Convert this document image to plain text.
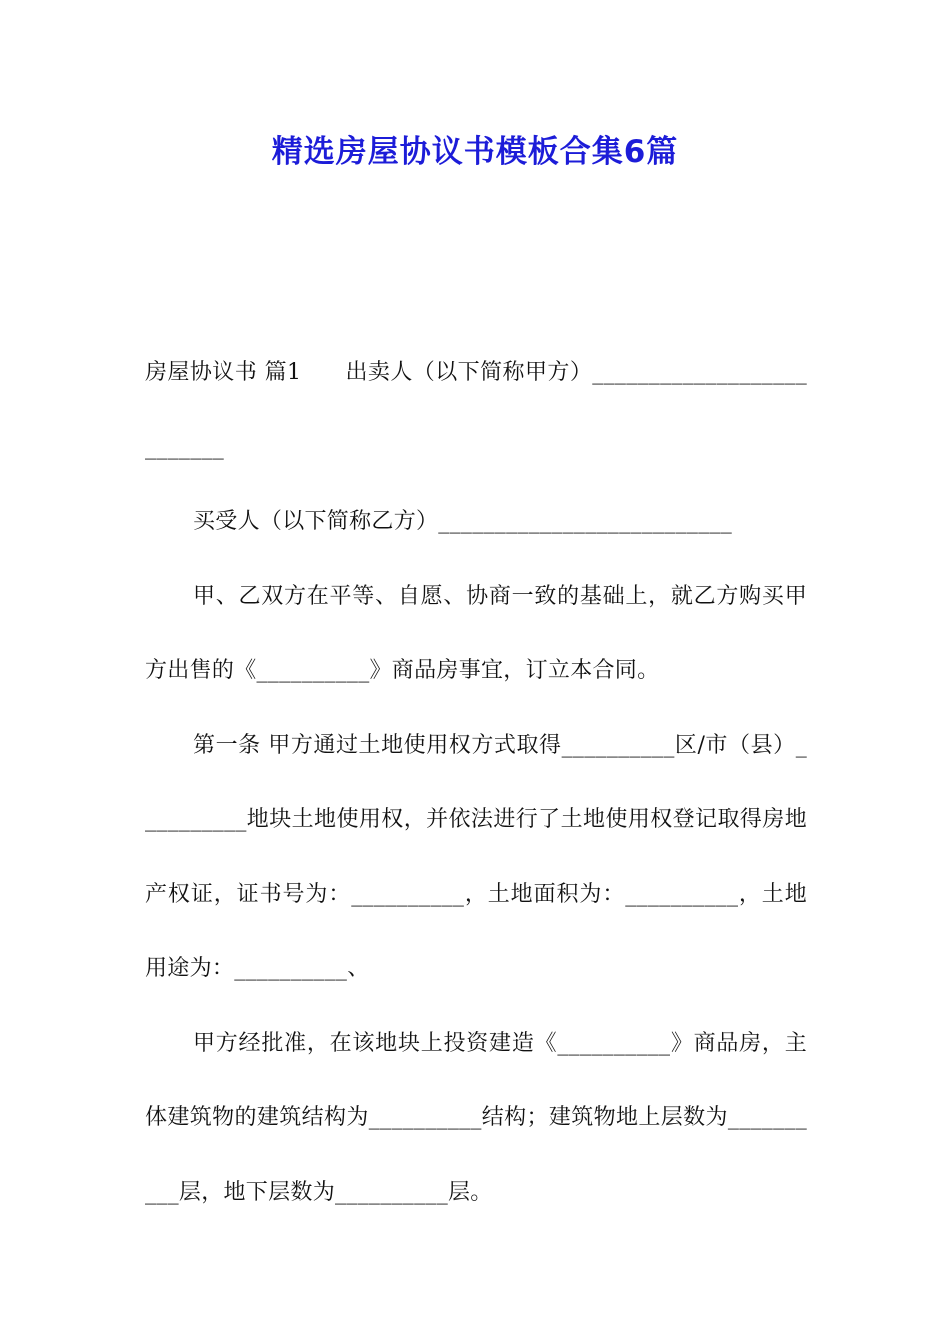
精选房屋协议书模板合集6篇

房屋协议书 篇1 出卖人（以下简称甲方）__________________________

买受人（以下简称乙方）__________________________

甲、乙双方在平等、自愿、协商一致的基础上，就乙方购买甲方出售的《__________》商品房事宜，订立本合同。

第一条 甲方通过土地使用权方式取得__________区/市（县）__________地块土地使用权，并依法进行了土地使用权登记取得房地产权证，证书号为：__________，土地面积为：__________，土地用途为：__________、

甲方经批准，在该地块上投资建造《__________》商品房，主体建筑物的建筑结构为__________结构；建筑物地上层数为__________层，地下层数为__________层。
